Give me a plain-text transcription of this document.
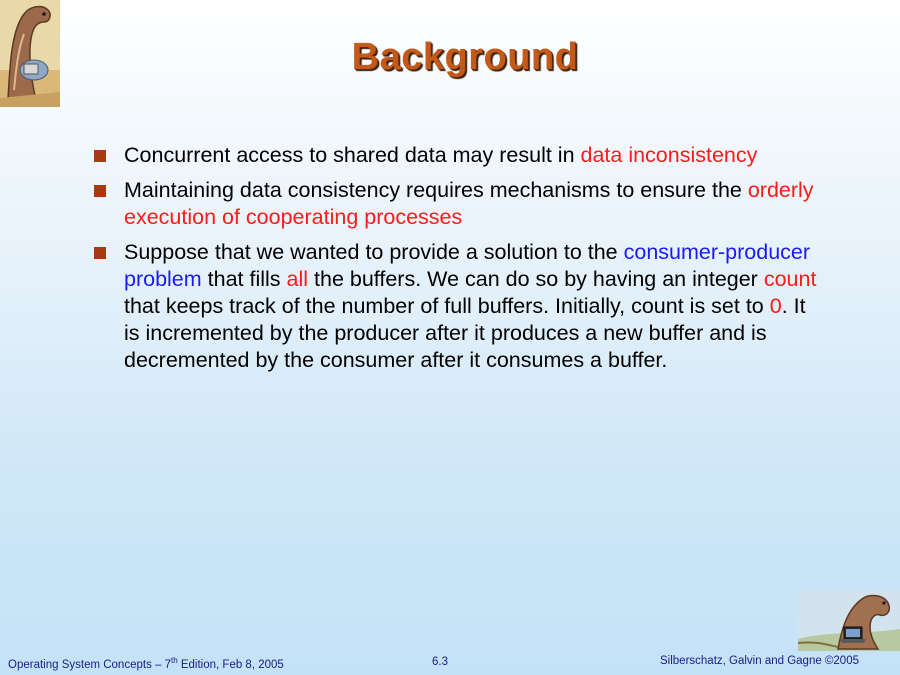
Background
Concurrent access to shared data may result in data inconsistency
Maintaining data consistency requires mechanisms to ensure the orderly execution of cooperating processes
Suppose that we wanted to provide a solution to the consumer-producer problem that fills all the buffers. We can do so by having an integer count that keeps track of the number of full buffers. Initially, count is set to 0. It is incremented by the producer after it produces a new buffer and is decremented by the consumer after it consumes a buffer.
Operating System Concepts – 7th Edition, Feb 8, 2005	6.3	Silberschatz, Galvin and Gagne ©2005
